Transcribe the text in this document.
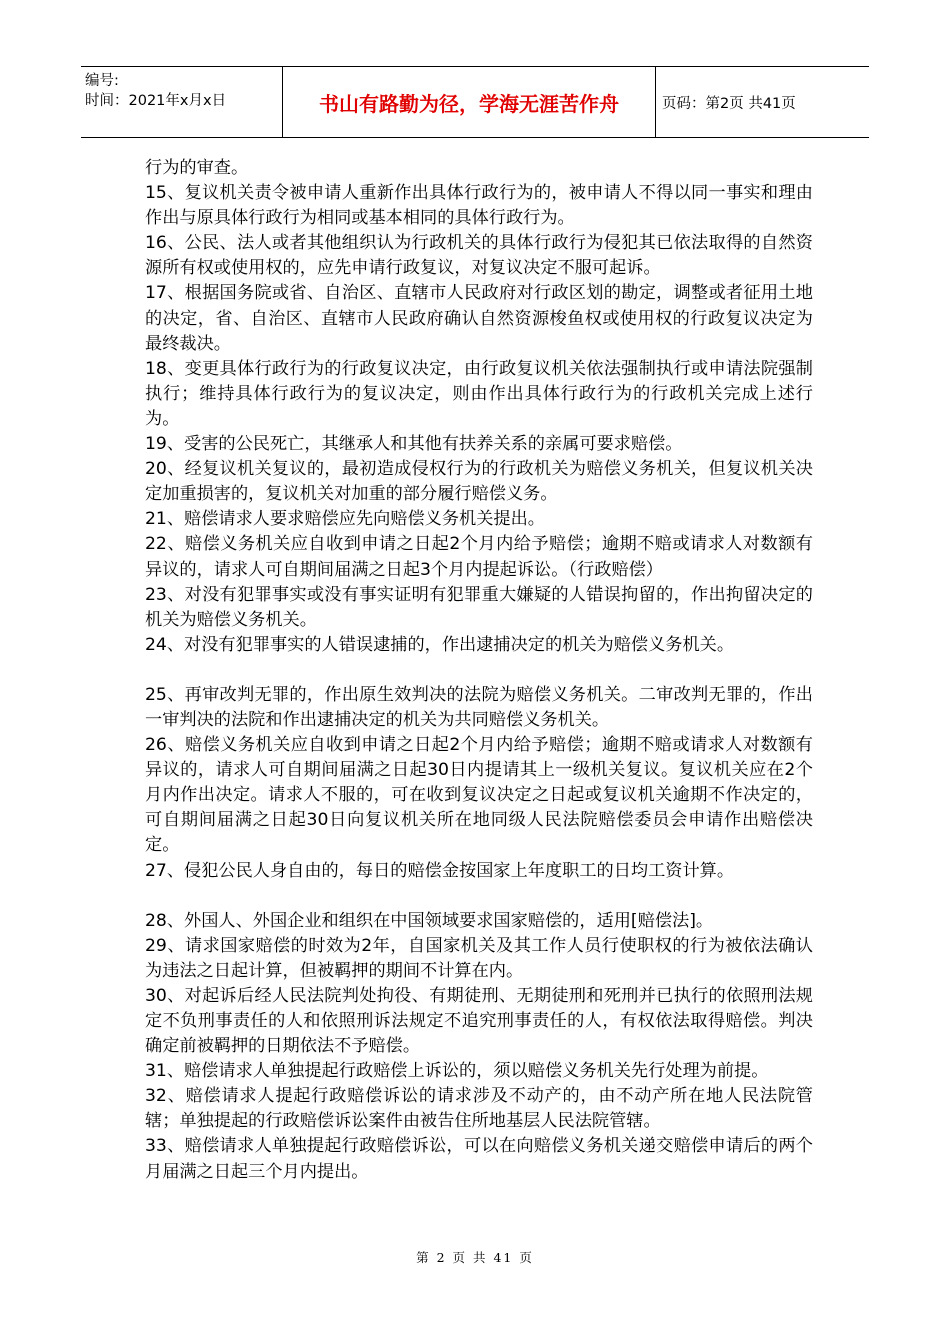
编号:
时间：2021年x月x日	书山有路勤为径，学海无涯苦作舟	页码：第2页 共41页

行为的审查。

15、复议机关责令被申请人重新作出具体行政行为的，被申请人不得以同一事实和理由作出与原具体行政行为相同或基本相同的具体行政行为。

16、公民、法人或者其他组织认为行政机关的具体行政行为侵犯其已依法取得的自然资源所有权或使用权的，应先申请行政复议，对复议决定不服可起诉。

17、根据国务院或省、自治区、直辖市人民政府对行政区划的勘定，调整或者征用土地的决定，省、自治区、直辖市人民政府确认自然资源梭鱼权或使用权的行政复议决定为最终裁决。

18、变更具体行政行为的行政复议决定，由行政复议机关依法强制执行或申请法院强制执行；维持具体行政行为的复议决定，则由作出具体行政行为的行政机关完成上述行为。

19、受害的公民死亡，其继承人和其他有扶养关系的亲属可要求赔偿。

20、经复议机关复议的，最初造成侵权行为的行政机关为赔偿义务机关，但复议机关决定加重损害的，复议机关对加重的部分履行赔偿义务。

21、赔偿请求人要求赔偿应先向赔偿义务机关提出。

22、赔偿义务机关应自收到申请之日起2个月内给予赔偿；逾期不赔或请求人对数额有异议的，请求人可自期间届满之日起3个月内提起诉讼。（行政赔偿）

23、对没有犯罪事实或没有事实证明有犯罪重大嫌疑的人错误拘留的，作出拘留决定的机关为赔偿义务机关。

24、对没有犯罪事实的人错误逮捕的，作出逮捕决定的机关为赔偿义务机关。

25、再审改判无罪的，作出原生效判决的法院为赔偿义务机关。二审改判无罪的，作出一审判决的法院和作出逮捕决定的机关为共同赔偿义务机关。

26、赔偿义务机关应自收到申请之日起2个月内给予赔偿；逾期不赔或请求人对数额有异议的，请求人可自期间届满之日起30日内提请其上一级机关复议。复议机关应在2个月内作出决定。请求人不服的，可在收到复议决定之日起或复议机关逾期不作决定的，可自期间届满之日起30日向复议机关所在地同级人民法院赔偿委员会申请作出赔偿决定。

27、侵犯公民人身自由的，每日的赔偿金按国家上年度职工的日均工资计算。

28、外国人、外国企业和组织在中国领域要求国家赔偿的，适用[赔偿法]。

29、请求国家赔偿的时效为2年，自国家机关及其工作人员行使职权的行为被依法确认为违法之日起计算，但被羁押的期间不计算在内。

30、对起诉后经人民法院判处拘役、有期徒刑、无期徒刑和死刑并已执行的依照刑法规定不负刑事责任的人和依照刑诉法规定不追究刑事责任的人，有权依法取得赔偿。判决确定前被羁押的日期依法不予赔偿。

31、赔偿请求人单独提起行政赔偿上诉讼的，须以赔偿义务机关先行处理为前提。

32、赔偿请求人提起行政赔偿诉讼的请求涉及不动产的，由不动产所在地人民法院管辖；单独提起的行政赔偿诉讼案件由被告住所地基层人民法院管辖。

33、赔偿请求人单独提起行政赔偿诉讼，可以在向赔偿义务机关递交赔偿申请后的两个月届满之日起三个月内提出。

第 2 页 共 41 页
